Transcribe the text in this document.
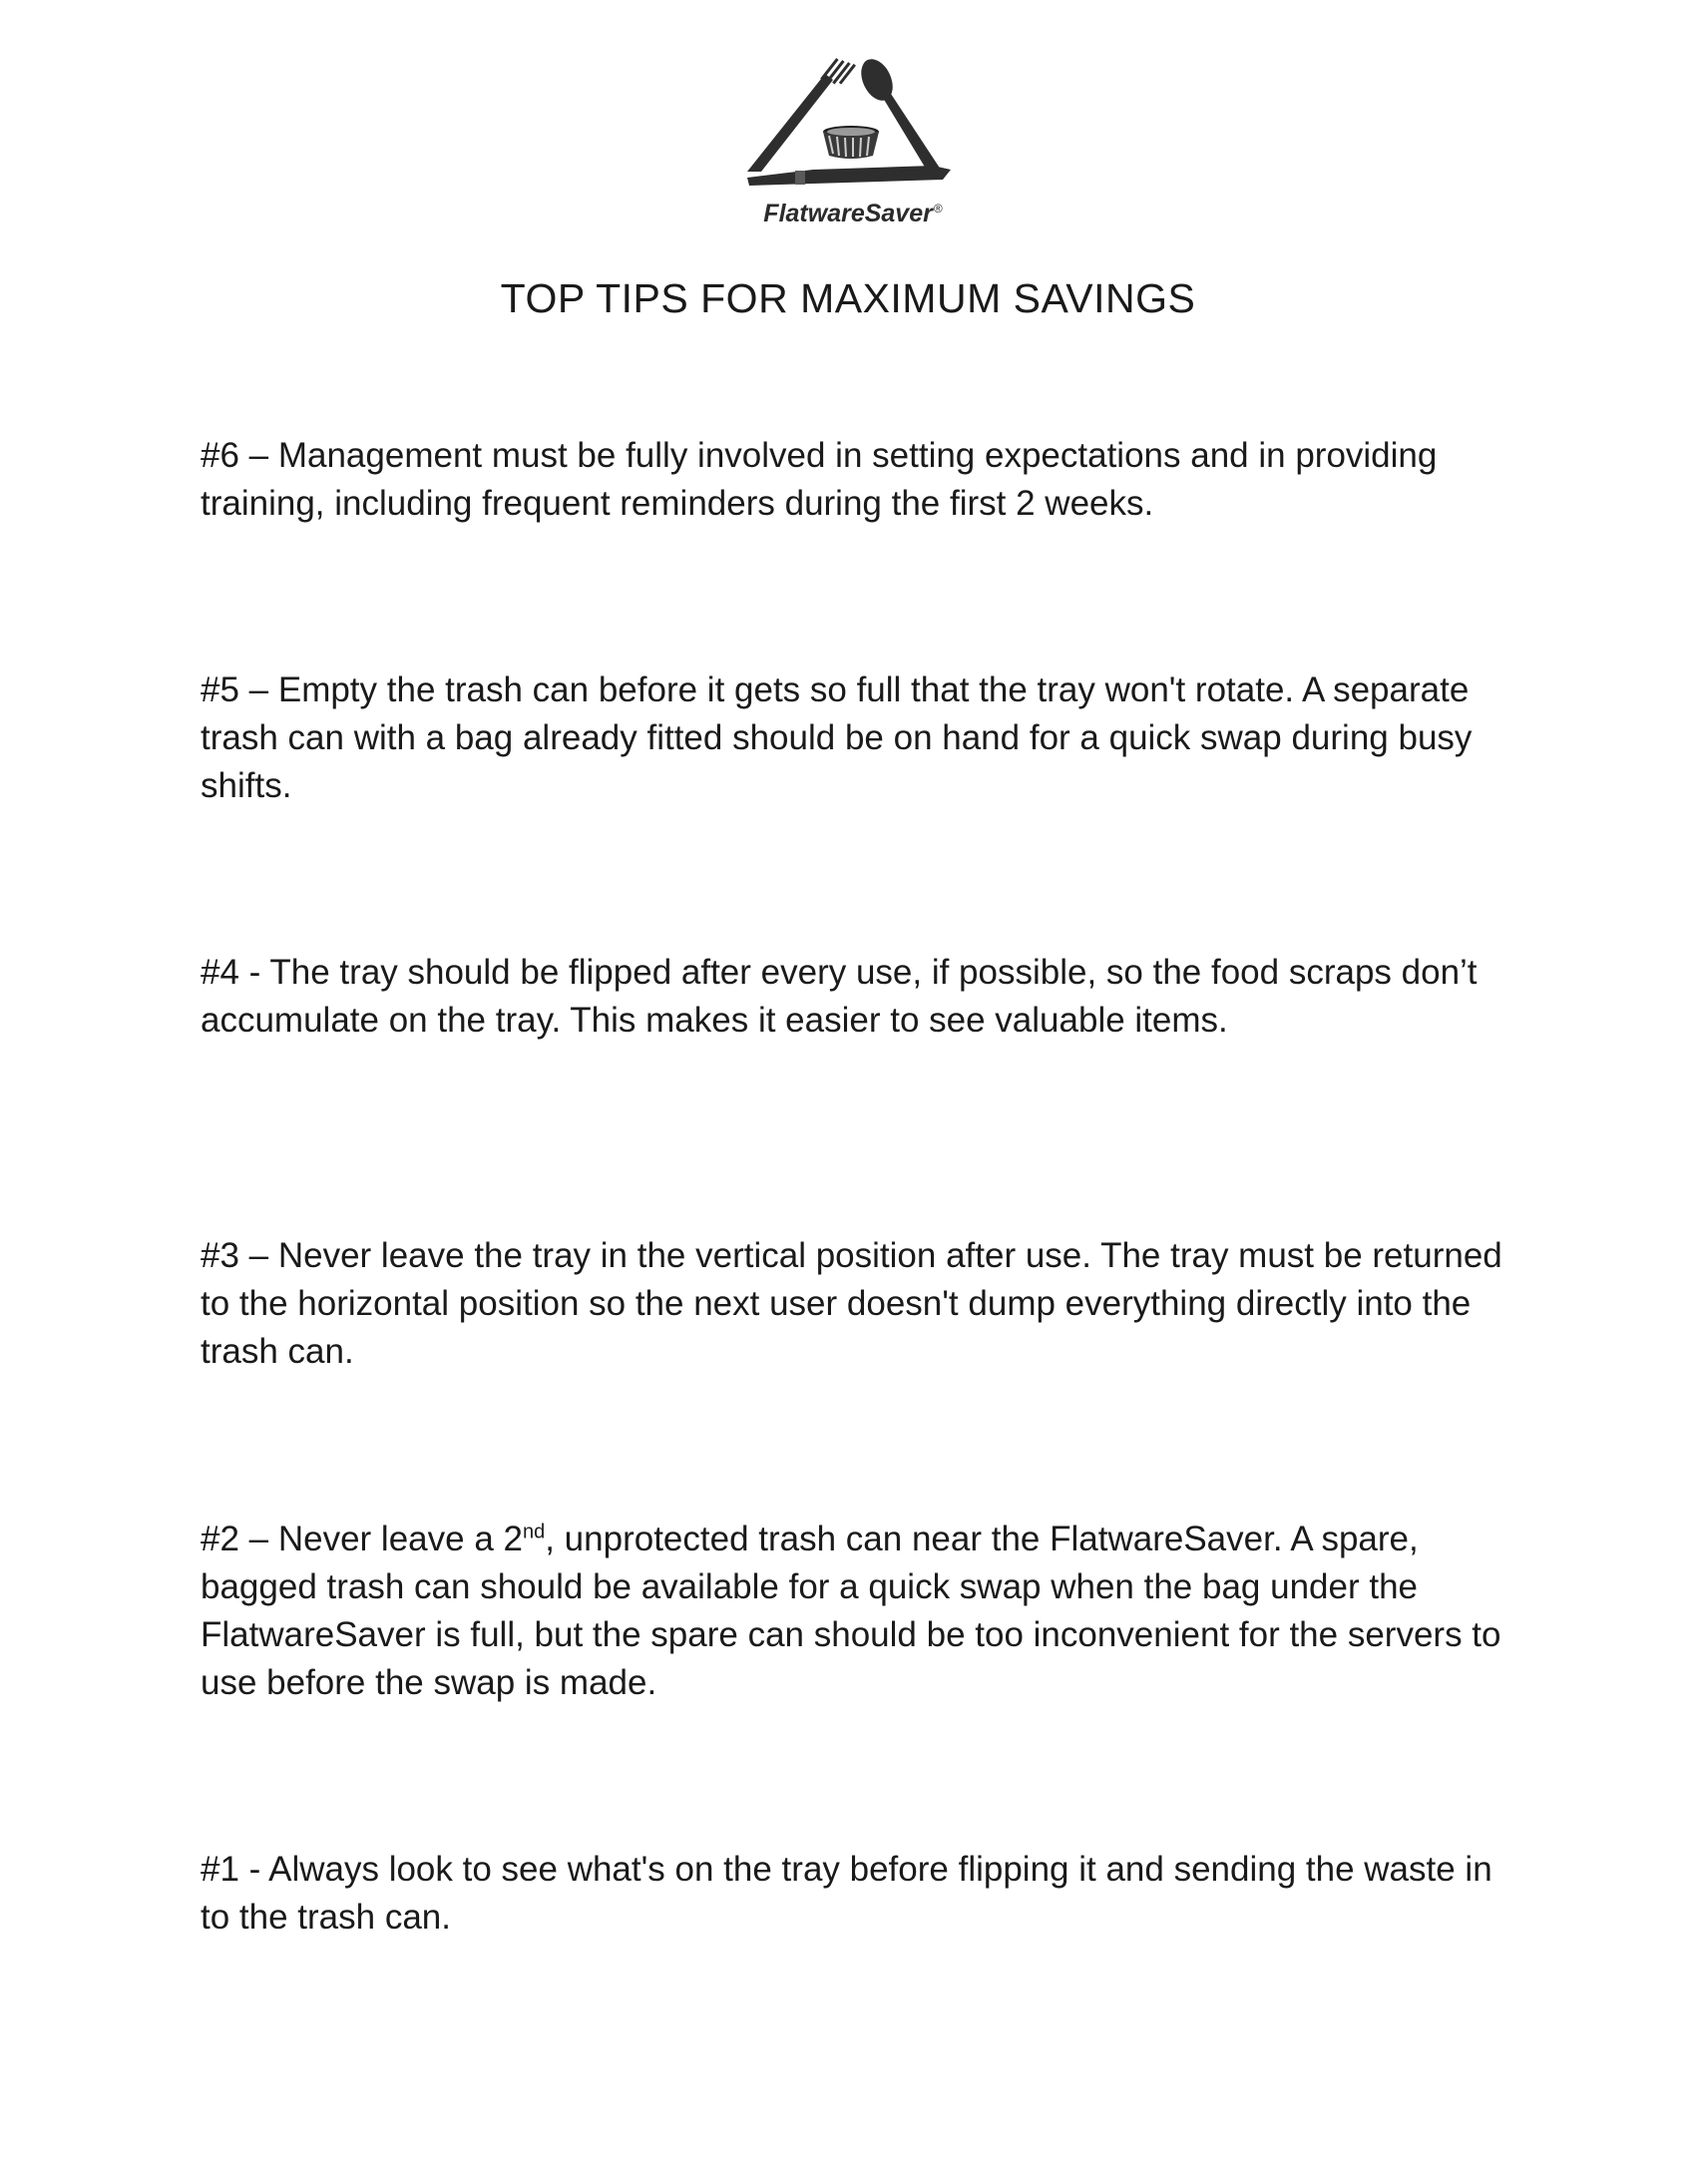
FlatwareSaver®
TOP TIPS FOR MAXIMUM SAVINGS

#6 – Management must be fully involved in setting expectations and in providing training, including frequent reminders during the first 2 weeks.

#5 – Empty the trash can before it gets so full that the tray won't rotate. A separate trash can with a bag already fitted should be on hand for a quick swap during busy shifts.

#4 - The tray should be flipped after every use, if possible, so the food scraps don’t accumulate on the tray. This makes it easier to see valuable items.

#3 – Never leave the tray in the vertical position after use. The tray must be returned to the horizontal position so the next user doesn't dump everything directly into the trash can.

#2 – Never leave a 2nd, unprotected trash can near the FlatwareSaver. A spare, bagged trash can should be available for a quick swap when the bag under the FlatwareSaver is full, but the spare can should be too inconvenient for the servers to use before the swap is made.

#1 - Always look to see what's on the tray before flipping it and sending the waste in to the trash can.
